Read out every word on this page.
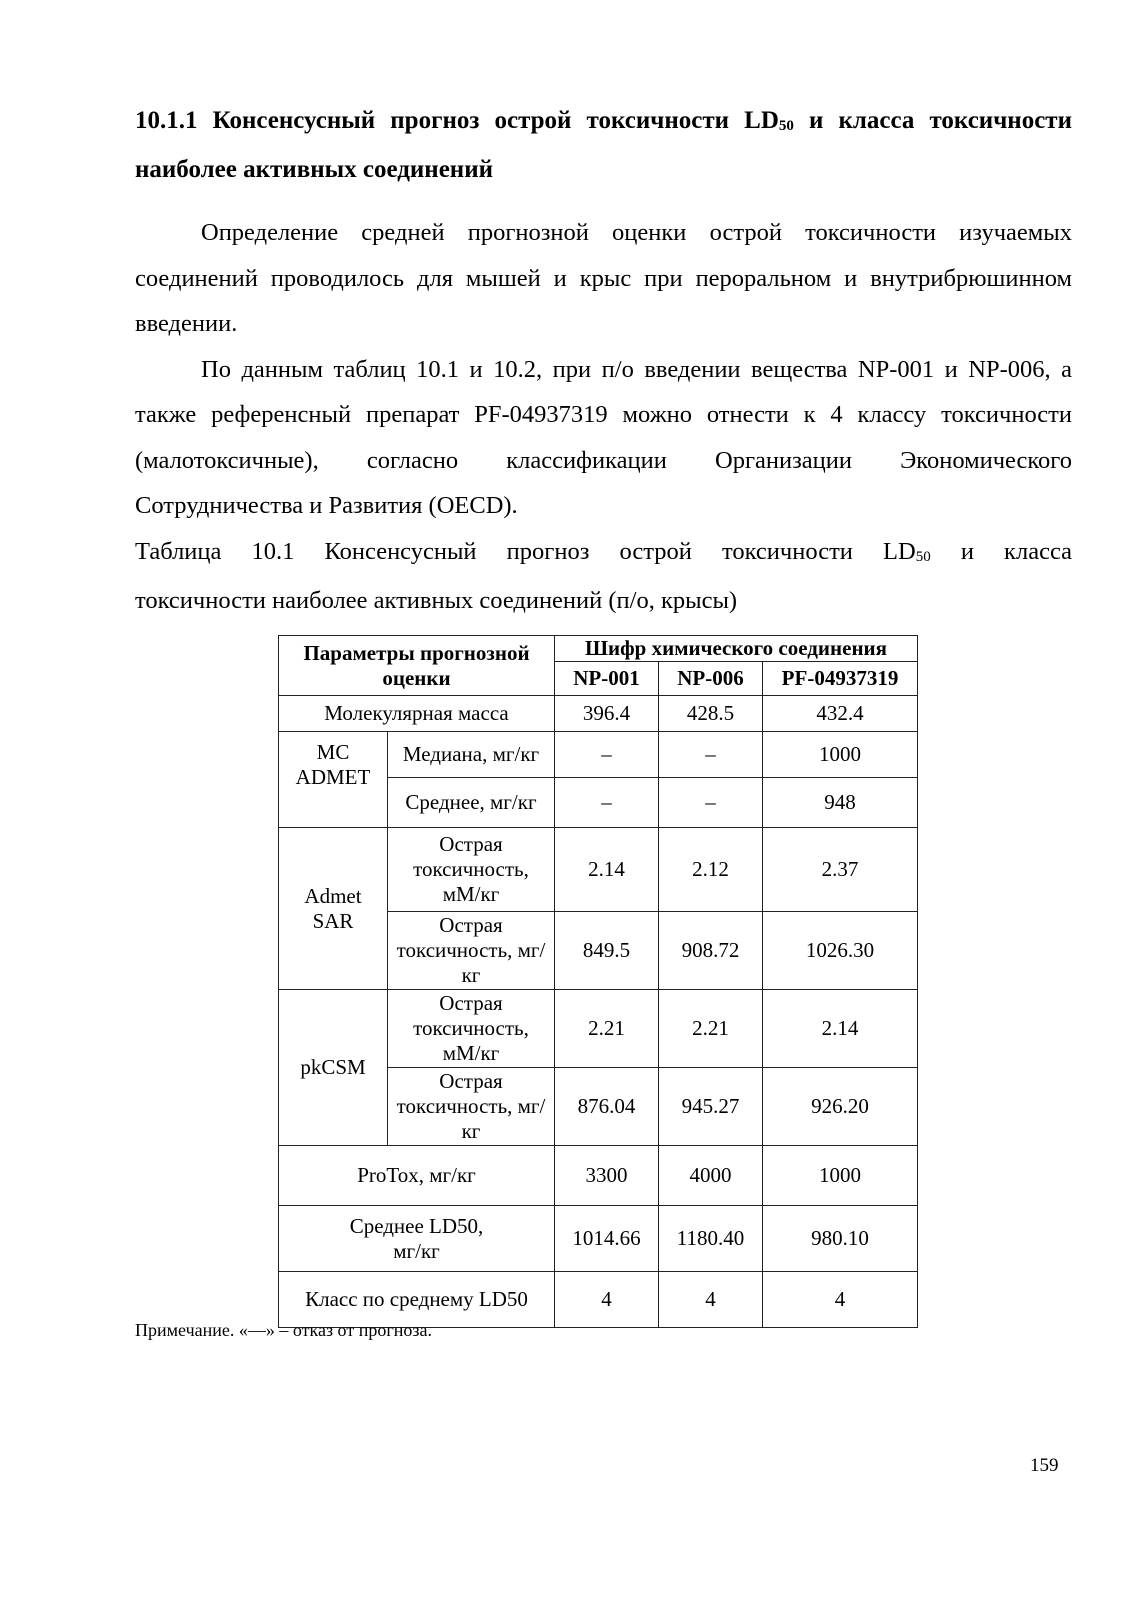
10.1.1 Консенсусный прогноз острой токсичности $LD_{50}$ и класса токсичности наиболее активных соединений

Определение средней прогнозной оценки острой токсичности изучаемых соединений проводилось для мышей и крыс при пероральном и внутрибрюшинном введении.

По данным таблиц 10.1 и 10.2, при п/о введении вещества NP-001 и NP-006, а также референсный препарат PF-04937319 можно отнести к 4 классу токсичности (малотоксичные), согласно классификации Организации Экономического Сотрудничества и Развития (OECD).

Таблица 10.1 Консенсусный прогноз острой токсичности $LD_{50}$ и класса
токсичности наиболее активных соединений (п/о, крысы)

Параметры прогнозной оценки		Шифр химического соединения		
		NP-001	NP-006	PF-04937319
Молекулярная масса		396.4	428.5	432.4
MC ADMET	Медиана, мг/кг	–	–	1000
	Среднее, мг/кг	–	–	948
Admet SAR	Острая токсичность, мМ/кг	2.14	2.12	2.37
	Острая токсичность, мг/кг	849.5	908.72	1026.30
pkCSM	Острая токсичность, мМ/кг	2.21	2.21	2.14
	Острая токсичность, мг/кг	876.04	945.27	926.20
ProTox, мг/кг		3300	4000	1000
Среднее LD50, мг/кг		1014.66	1180.40	980.10
Класс по среднему LD50		4	4	4
Примечание. «—» – отказ от прогноза.
159
